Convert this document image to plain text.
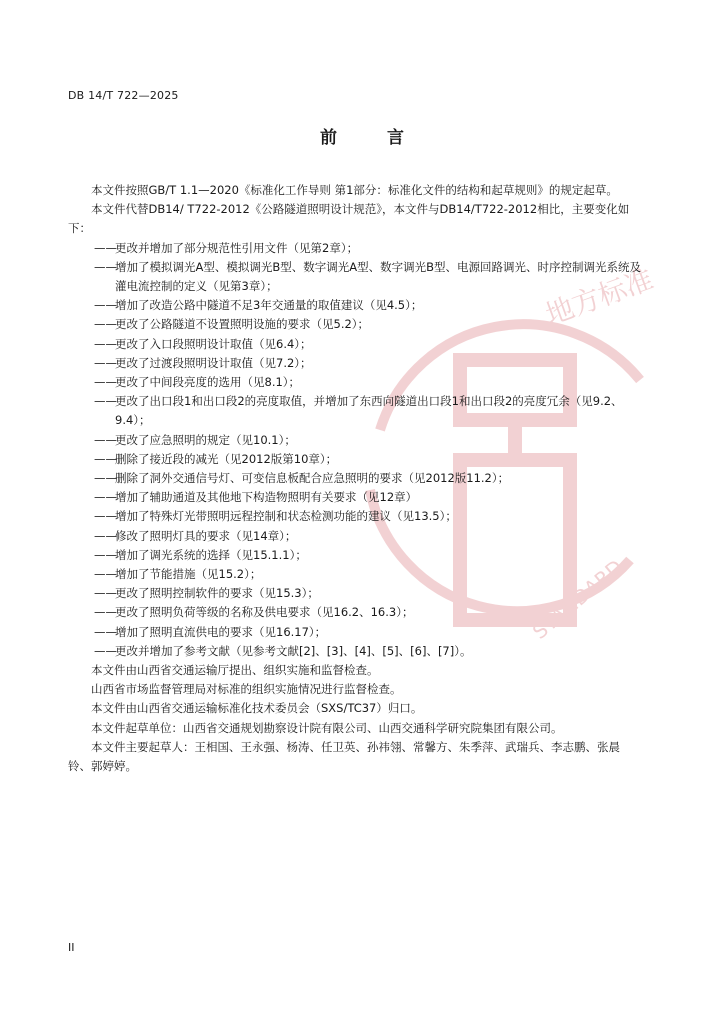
DB 14/T 722—2025
前 言
地方标准
STANDARD

本文件按照GB/T 1.1—2020《标准化工作导则 第1部分：标准化文件的结构和起草规则》的规定起草。

本文件代替DB14/ T722-2012《公路隧道照明设计规范》，本文件与DB14/T722-2012相比，主要变化如下：

——
更改并增加了部分规范性引用文件（见第2章）；
——
增加了模拟调光A型、模拟调光B型、数字调光A型、数字调光B型、电源回路调光、时序控制调光系统及灌电流控制的定义（见第3章）；
——
增加了改造公路中隧道不足3年交通量的取值建议（见4.5）；
——
更改了公路隧道不设置照明设施的要求（见5.2）；
——
更改了入口段照明设计取值（见6.4）；
——
更改了过渡段照明设计取值（见7.2）；
——
更改了中间段亮度的选用（见8.1）；
——
更改了出口段1和出口段2的亮度取值，并增加了东西向隧道出口段1和出口段2的亮度冗余（见9.2、9.4）；
——
更改了应急照明的规定（见10.1）；
——
删除了接近段的减光（见2012版第10章）；
——
删除了洞外交通信号灯、可变信息板配合应急照明的要求（见2012版11.2）；
——
增加了辅助通道及其他地下构造物照明有关要求（见12章）
——
增加了特殊灯光带照明远程控制和状态检测功能的建议（见13.5）；
——
修改了照明灯具的要求（见14章）；
——
增加了调光系统的选择（见15.1.1）；
——
增加了节能措施（见15.2）；
——
更改了照明控制软件的要求（见15.3）；
——
更改了照明负荷等级的名称及供电要求（见16.2、16.3）；
——
增加了照明直流供电的要求（见16.17）；
——
更改并增加了参考文献（见参考文献[2]、[3]、[4]、[5]、[6]、[7]）。

本文件由山西省交通运输厅提出、组织实施和监督检查。

山西省市场监督管理局对标准的组织实施情况进行监督检查。

本文件由山西省交通运输标准化技术委员会（SXS/TC37）归口。

本文件起草单位：山西省交通规划勘察设计院有限公司、山西交通科学研究院集团有限公司。

本文件主要起草人：王相国、王永强、杨涛、任卫英、孙祎翎、常馨方、朱季萍、武瑞兵、李志鹏、张晨铃、郭婷婷。

II
